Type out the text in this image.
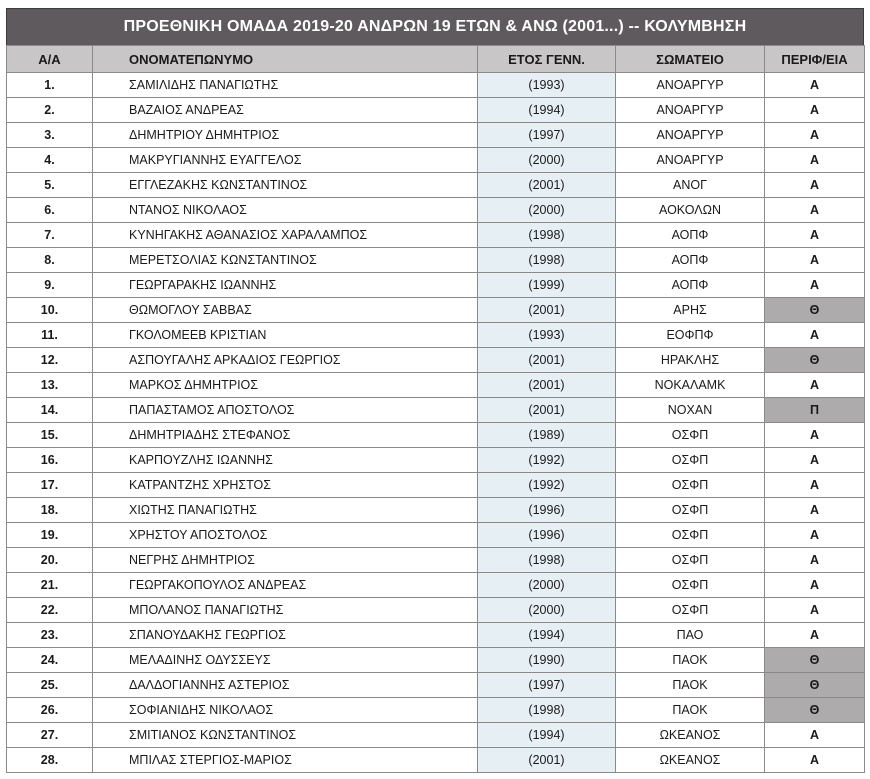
ΠΡΟΕΘΝΙΚΗ ΟΜΑΔΑ 2019-20 ΑΝΔΡΩΝ 19 ΕΤΩΝ & ΑΝΩ (2001...) -- ΚΟΛΥΜΒΗΣΗ
Α/Α	ΟΝΟΜΑΤΕΠΩΝΥΜΟ	ΕΤΟΣ ΓΕΝΝ.	ΣΩΜΑΤΕΙΟ	ΠΕΡΙΦ/ΕΙΑ
1.	ΣΑΜΙΛΙΔΗΣ ΠΑΝΑΓΙΩΤΗΣ	(1993)	ΑΝΟΑΡΓΥΡ	Α
2.	ΒΑΖΑΙΟΣ ΑΝΔΡΕΑΣ	(1994)	ΑΝΟΑΡΓΥΡ	Α
3.	ΔΗΜΗΤΡΙΟΥ ΔΗΜΗΤΡΙΟΣ	(1997)	ΑΝΟΑΡΓΥΡ	Α
4.	ΜΑΚΡΥΓΙΑΝΝΗΣ ΕΥΑΓΓΕΛΟΣ	(2000)	ΑΝΟΑΡΓΥΡ	Α
5.	ΕΓΓΛΕΖΑΚΗΣ ΚΩΝΣΤΑΝΤΙΝΟΣ	(2001)	ΑΝΟΓ	Α
6.	ΝΤΑΝΟΣ ΝΙΚΟΛΑΟΣ	(2000)	ΑΟΚΟΛΩΝ	Α
7.	ΚΥΝΗΓΑΚΗΣ ΑΘΑΝΑΣΙΟΣ ΧΑΡΑΛΑΜΠΟΣ	(1998)	ΑΟΠΦ	Α
8.	ΜΕΡΕΤΣΟΛΙΑΣ ΚΩΝΣΤΑΝΤΙΝΟΣ	(1998)	ΑΟΠΦ	Α
9.	ΓΕΩΡΓΑΡΑΚΗΣ ΙΩΑΝΝΗΣ	(1999)	ΑΟΠΦ	Α
10.	ΘΩΜΟΓΛΟΥ ΣΑΒΒΑΣ	(2001)	ΑΡΗΣ	Θ
11.	ΓΚΟΛΟΜΕΕΒ ΚΡΙΣΤΙΑΝ	(1993)	ΕΟΦΠΦ	Α
12.	ΑΣΠΟΥΓΑΛΗΣ ΑΡΚΑΔΙΟΣ ΓΕΩΡΓΙΟΣ	(2001)	ΗΡΑΚΛΗΣ	Θ
13.	ΜΑΡΚΟΣ ΔΗΜΗΤΡΙΟΣ	(2001)	ΝΟΚΑΛΑΜΚ	Α
14.	ΠΑΠΑΣΤΑΜΟΣ ΑΠΟΣΤΟΛΟΣ	(2001)	ΝΟΧΑΝ	Π
15.	ΔΗΜΗΤΡΙΑΔΗΣ ΣΤΕΦΑΝΟΣ	(1989)	ΟΣΦΠ	Α
16.	ΚΑΡΠΟΥΖΛΗΣ ΙΩΑΝΝΗΣ	(1992)	ΟΣΦΠ	Α
17.	ΚΑΤΡΑΝΤΖΗΣ ΧΡΗΣΤΟΣ	(1992)	ΟΣΦΠ	Α
18.	ΧΙΩΤΗΣ ΠΑΝΑΓΙΩΤΗΣ	(1996)	ΟΣΦΠ	Α
19.	ΧΡΗΣΤΟΥ ΑΠΟΣΤΟΛΟΣ	(1996)	ΟΣΦΠ	Α
20.	ΝΕΓΡΗΣ ΔΗΜΗΤΡΙΟΣ	(1998)	ΟΣΦΠ	Α
21.	ΓΕΩΡΓΑΚΟΠΟΥΛΟΣ ΑΝΔΡΕΑΣ	(2000)	ΟΣΦΠ	Α
22.	ΜΠΟΛΑΝΟΣ ΠΑΝΑΓΙΩΤΗΣ	(2000)	ΟΣΦΠ	Α
23.	ΣΠΑΝΟΥΔΑΚΗΣ ΓΕΩΡΓΙΟΣ	(1994)	ΠΑΟ	Α
24.	ΜΕΛΑΔΙΝΗΣ ΟΔΥΣΣΕΥΣ	(1990)	ΠΑΟΚ	Θ
25.	ΔΑΛΔΟΓΙΑΝΝΗΣ ΑΣΤΕΡΙΟΣ	(1997)	ΠΑΟΚ	Θ
26.	ΣΟΦΙΑΝΙΔΗΣ ΝΙΚΟΛΑΟΣ	(1998)	ΠΑΟΚ	Θ
27.	ΣΜΙΤΙΑΝΟΣ ΚΩΝΣΤΑΝΤΙΝΟΣ	(1994)	ΩΚΕΑΝΟΣ	Α
28.	ΜΠΙΛΑΣ ΣΤΕΡΓΙΟΣ-ΜΑΡΙΟΣ	(2001)	ΩΚΕΑΝΟΣ	Α
